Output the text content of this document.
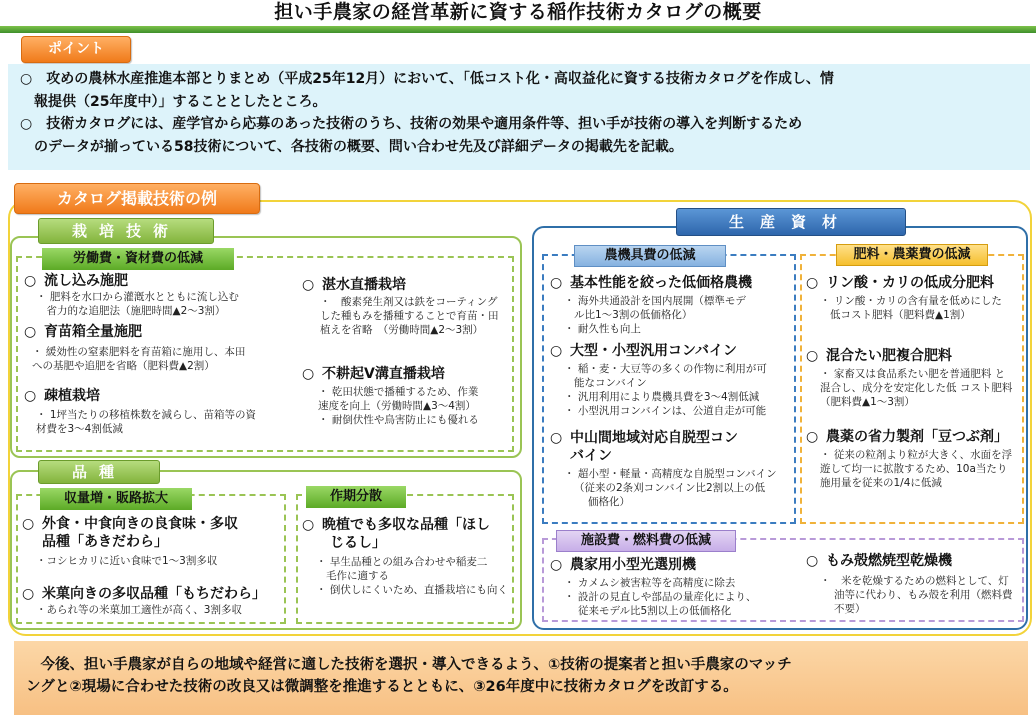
担い手農家の経営革新に資する稲作技術カタログの概要
ポイント
○　攻めの農林水産推進本部とりまとめ（平成25年12月）において、「低コスト化・高収益化に資する技術カタログを作成し、情
　報提供（25年度中）」することとしたところ。
○　技術カタログには、産学官から応募のあった技術のうち、技術の効果や適用条件等、担い手が技術の導入を判断するため
　のデータが揃っている58技術について、各技術の概要、問い合わせ先及び詳細データの掲載先を記載。
カタログ掲載技術の例
栽培技術
労働費・資材費の低減
○ 流し込み施肥
・ 肥料を水口から灌漑水とともに流し込む
　省力的な追肥法（施肥時間▲2～3割）
○ 育苗箱全量施肥
・ 緩効性の窒素肥料を育苗箱に施用し、本田
への基肥や追肥を省略（肥料費▲2割）
○ 疎植栽培
・ 1坪当たりの移植株数を減らし、苗箱等の資
材費を3～4割低減
○ 湛水直播栽培
・　酸素発生剤又は鉄をコーティング
した種もみを播種することで育苗・田
植えを省略　（労働時間▲2～3割）
○ 不耕起V溝直播栽培
・ 乾田状態で播種するため、作業
速度を向上（労働時間▲3～4割）
・ 耐倒伏性や鳥害防止にも優れる
品種
収量増・販路拡大	作期分散
○ 外食・中食向きの良食味・多収
品種「あきだわら」
・コシヒカリに近い食味で1～3割多収
○ 米菓向きの多収品種「もちだわら」
・あられ等の米菓加工適性が高く、3割多収
○ 晩植でも多収な品種「ほし
じるし」
・ 早生品種との組み合わせや稲麦二
毛作に適する
・ 倒伏しにくいため、直播栽培にも向く
生産資材
農機具費の低減	肥料・農薬費の低減
施設費・燃料費の低減
○ 基本性能を絞った低価格農機
・ 海外共通設計を国内展開（標準モデ
ル比1～3割の低価格化）
・ 耐久性も向上
○ 大型・小型汎用コンバイン
・ 稲・麦・大豆等の多くの作物に利用が可
能なコンバイン
・ 汎用利用により農機具費を3～4割低減
・ 小型汎用コンバインは、公道自走が可能
○ 中山間地域対応自脱型コン
バイン
・ 超小型・軽量・高精度な自脱型コンバイン
（従来の2条刈コンバイン比2割以上の低
価格化）
○ リン酸・カリの低成分肥料
・ リン酸・カリの含有量を低めにした
低コスト肥料（肥料費▲1割）
○ 混合たい肥複合肥料
・ 家畜又は食品系たい肥を普通肥料 と
混合し、成分を安定化した低 コスト肥料
（肥料費▲1～3割）
○ 農薬の省力製剤「豆つぶ剤」
・ 従来の粒剤より粒が大きく、水面を浮
遊して均一に拡散するため、10a当たり
施用量を従来の1/4に低減
○ 農家用小型光選別機
・ カメムシ被害粒等を高精度に除去
・ 設計の見直しや部品の量産化により、
従来モデル比5割以上の低価格化
○ もみ殻燃焼型乾燥機
・　米を乾燥するための燃料として、灯
油等に代わり、もみ殻を利用（燃料費
不要）
　今後、担い手農家が自らの地域や経営に適した技術を選択・導入できるよう、①技術の提案者と担い手農家のマッチ
ングと②現場に合わせた技術の改良又は微調整を推進するとともに、③26年度中に技術カタログを改訂する。
